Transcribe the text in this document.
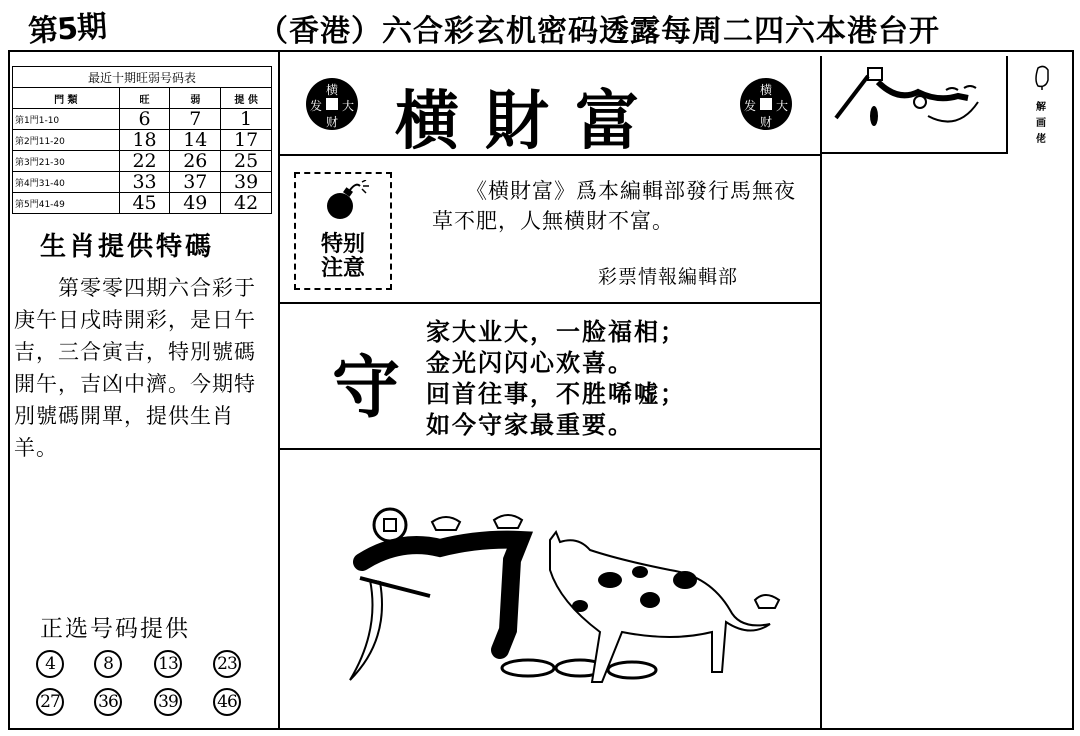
第5期	（香港）六合彩玄机密码透露每周二四六本港台开
最近十期旺弱号码表			
門 類	旺	弱	提 供
第1門1-10	6	7	1
第2門11-20	18	14	17
第3門21-30	22	26	25
第4門31-40	33	37	39
第5門41-49	45	49	42
生肖提供特碼
第零零四期六合彩于庚午日戌時開彩，是日午吉，三合寅吉，特別號碼開午，吉凶中濟。今期特別號碼開單，提供生肖羊。
正选号码提供
4	8	13 23
27 36 39 46
横
发 大
财
横
发 大
财
横財富
特别
注意
《横財富》爲本編輯部發行馬無夜草不肥，人無横財不富。
彩票情報編輯部
守
家大业大，一脸福相；
金光闪闪心欢喜。
回首往事，不胜唏嘘；
如今守家最重要。
解画佬
